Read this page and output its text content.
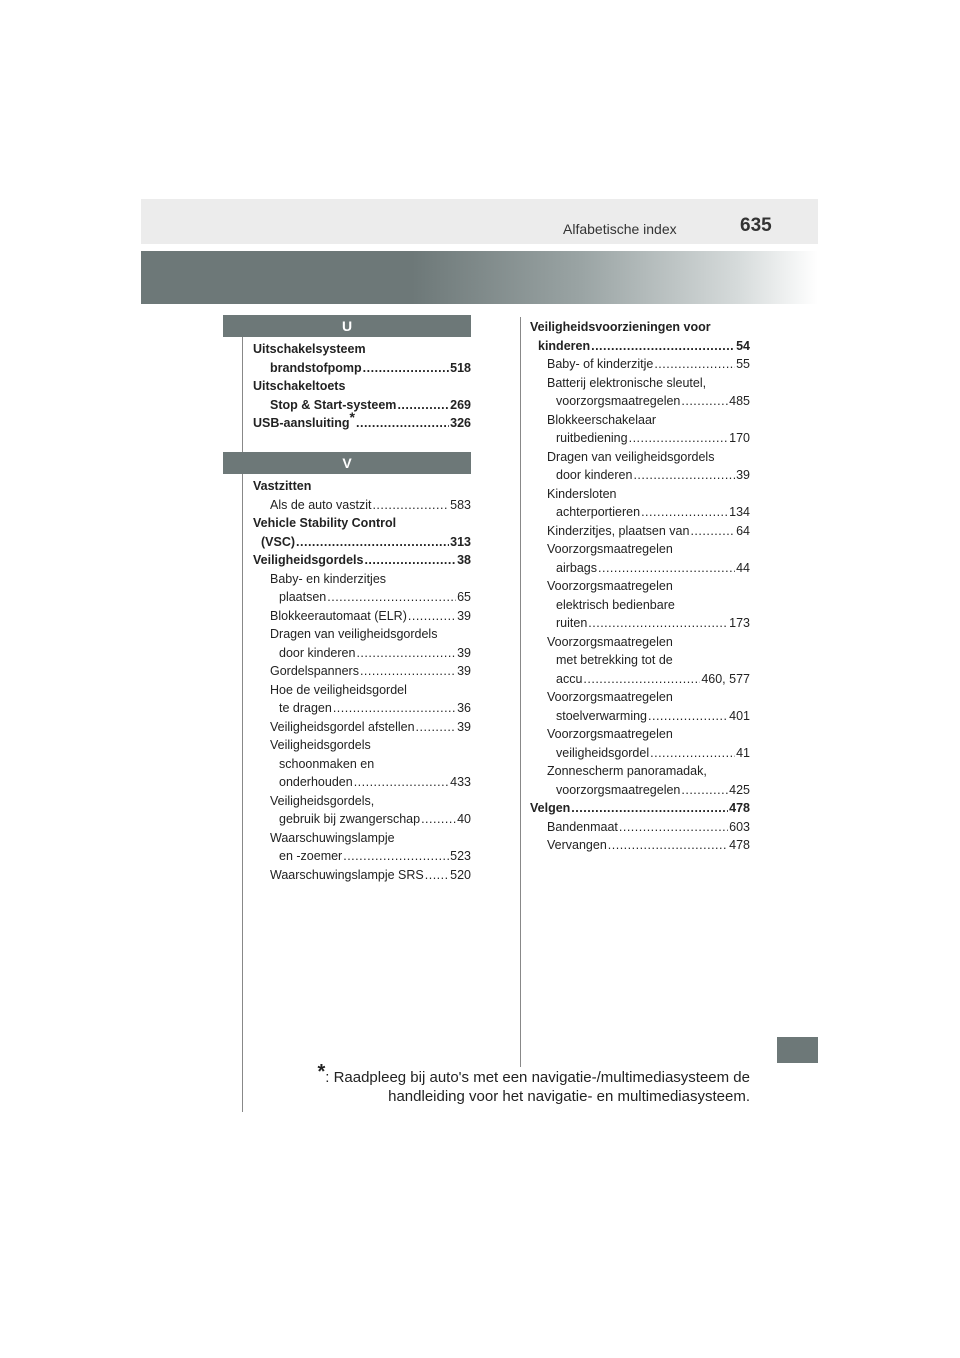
Alfabetische index	635
U
V
Uitschakelsysteem
brandstofpomp .....	518
Uitschakeltoets
Stop & Start-systeem .....	269
USB-aansluiting * .....	326
Vastzitten
Als de auto vastzit .....	583
Vehicle Stability Control
(VSC) .....	313
Veiligheidsgordels .....	38
Baby- en kinderzitjes
plaatsen .....	65
Blokkeerautomaat (ELR) .....	39
Dragen van veiligheidsgordels
door kinderen .....	39
Gordelspanners .....	39
Hoe de veiligheidsgordel
te dragen .....	36
Veiligheidsgordel afstellen .....	39
Veiligheidsgordels
schoonmaken en
onderhouden .....	433
Veiligheidsgordels,
gebruik bij zwangerschap .....	40
Waarschuwingslampje
en -zoemer .....	523
Waarschuwingslampje SRS ..... 520
Veiligheidsvoorzieningen voor
kinderen .....	54
Baby- of kinderzitje .....	55
Batterij elektronische sleutel,
voorzorgsmaatregelen .....	485
Blokkeerschakelaar
ruitbediening .....	170
Dragen van veiligheidsgordels
door kinderen .....	39
Kindersloten
achterportieren .....	134
Kinderzitjes, plaatsen van .....	64
Voorzorgsmaatregelen
airbags .....	44
Voorzorgsmaatregelen
elektrisch bedienbare
ruiten .....	173
Voorzorgsmaatregelen
met betrekking tot de
accu .....	460, 577
Voorzorgsmaatregelen
stoelverwarming .....	401
Voorzorgsmaatregelen
veiligheidsgordel .....	41
Zonnescherm panoramadak,
voorzorgsmaatregelen .....	425
Velgen .....	478
Bandenmaat .....	603
Vervangen .....	478
*: Raadpleeg bij auto's met een navigatie-/multimediasysteem de
handleiding voor het navigatie- en multimediasysteem.
